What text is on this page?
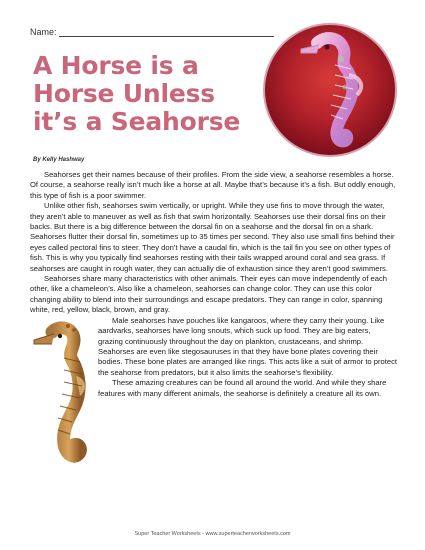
Name:
A Horse is a
Horse Unless
it’s a Seahorse
By Kelly Hashway

Seahorses get their names because of their profiles. From the side view, a seahorse resembles a horse. Of course, a seahorse really isn’t much like a horse at all. Maybe that’s because it’s a fish. But oddly enough, this type of fish is a poor swimmer.

Unlike other fish, seahorses swim vertically, or upright. While they use fins to move through the water, they aren’t able to maneuver as well as fish that swim horizontally. Seahorses use their dorsal fins on their backs. But there is a big difference between the dorsal fin on a seahorse and the dorsal fin on a shark. Seahorses flutter their dorsal fin, sometimes up to 35 times per second. They also use small fins behind their eyes called pectoral fins to steer. They don’t have a caudal fin, which is the tail fin you see on other types of fish. This is why you typically find seahorses resting with their tails wrapped around coral and sea grass. If seahorses are caught in rough water, they can actually die of exhaustion since they aren’t good swimmers.

Seahorses share many characteristics with other animals. Their eyes can move independently of each other, like a chameleon’s. Also like a chameleon, seahorses can change color. They can use this color changing ability to blend into their surroundings and escape predators. They can range in color, spanning white, red, yellow, black, brown, and gray.

Male seahorses have pouches like kangaroos, where they carry their young. Like aardvarks, seahorses have long snouts, which suck up food. They are big eaters, grazing continuously throughout the day on plankton, crustaceans, and shrimp. Seahorses are even like stegosauruses in that they have bone plates covering their bodies. These bone plates are arranged like rings. This acts like a suit of armor to protect the seahorse from predators, but it also limits the seahorse’s flexibility.

These amazing creatures can be found all around the world. And while they share features with many different animals, the seahorse is definitely a creature all its own.

Super Teacher Worksheets - www.superteacherworksheets.com
